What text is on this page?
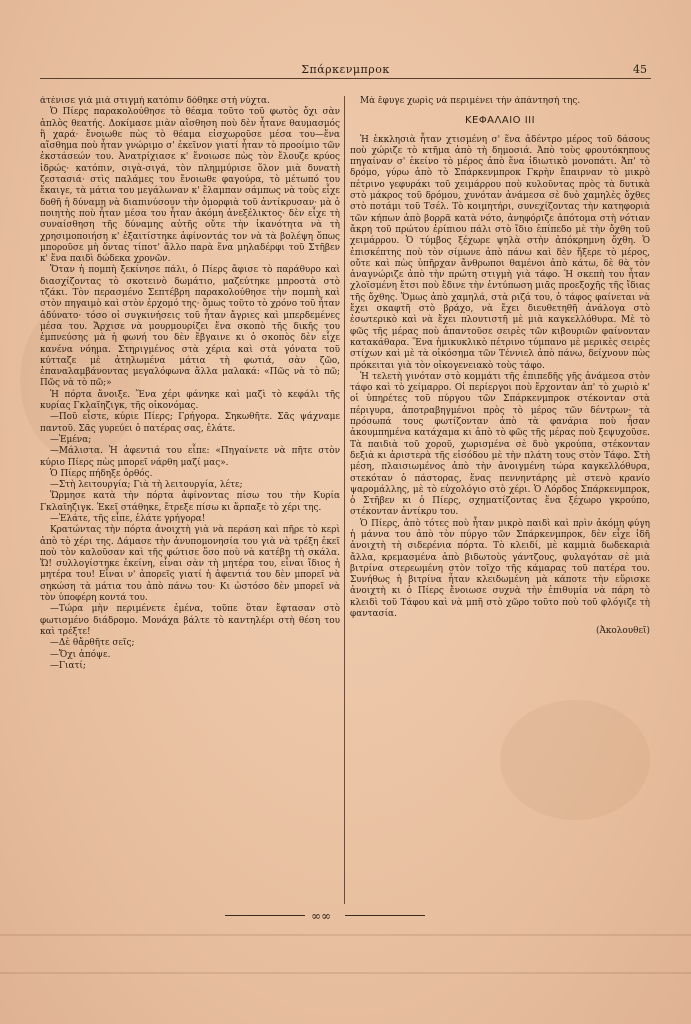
Σπάρκενμπροκ	45

ἀτένισε γιὰ μιὰ στιγμή κατόπιν δόθηκε στὴ νύχτα.

Ὁ Πίερς παρακολούθησε τὸ θέαμα τοῦτο τοῦ φωτὸς ὄχι σὰν ἁπλὸς θεατής. Δοκίμασε μιὰν αἴσθηση ποὺ δὲν ἦτανε θαυμασμός ἢ χαρά· ἔνοιωθε πὼς τὸ θέαμα εἰσχωροῦσε μέσα του—ἕνα αἴσθημα ποὺ ἦταν γνώριμο σ' ἐκεῖνον γιατί ἦταν τὸ προοίμιο τῶν ἐκστάσεών του. Ἀνατρίχιασε κ' ἔνοιωσε πὼς τὸν ἔλουζε κρύος ἱδρώς· κατόπιν, σιγὰ-σιγά, τὸν πλημμύρισε ὅλον μιὰ δυνατὴ ζεστασιά· στὶς παλάμες του ἔνοιωθε φαγούρα, τὸ μέτωπό του ἔκαιγε, τὰ μάτια του μεγάλωναν κ' ἔλαμπαν σάμπως νὰ τοὺς εἶχε δοθῆ ἡ δύναμη νὰ διαπινύσουν τὴν ὀμορφιὰ τοῦ ἀντίκρυσαν· μὰ ὁ ποιητὴς ποὺ ἦταν μέσα του ἦταν ἀκόμη ἀνεξέλικτος· δὲν εἶχε τὴ συναίσθηση τῆς δύναμης αὐτῆς οὔτε τὴν ἱκανότητα νὰ τὴ χρησιμοποιήση κ' ἐξαιτίστηκε ἀφίνοντάς τον νὰ τὰ βολέψη ὅπως μποροῦσε μὴ ὄντας τίποτ' ἄλλο παρὰ ἕνα μηλαδέρφι τοῦ Στῆβεν κ' ἕνα παιδὶ δώδεκα χρονῶν.

Ὅταν ἡ πομπὴ ξεκίνησε πάλι, ὁ Πίερς ἄφισε τὸ παράθυρο καὶ διασχίζοντας τὸ σκοτεινὸ δωμάτιο, μαζεύτηκε μπροστὰ στὸ τζάκι. Τὸν περασμένο Σεπτέβρη παρακολούθησε τὴν πομπὴ καὶ στὸν πηγαιμὸ καὶ στὸν ἐρχομό της· ὅμως τοῦτο τὸ χρόνο τοῦ ἦταν ἀδύνατο· τόσο οἱ συγκινήσεις τοῦ ἦταν ἄγριες καὶ μπερδεμένες μέσα του. Ἄρχισε νὰ μουρμουρίζει ἕνα σκοπὸ τῆς δικῆς του ἐμπνεύσης μὰ ἡ φωνή του δὲν ἔβγαινε κι ὁ σκοπὸς δὲν εἶχε κανένα νόημα. Στηριγμένος στὰ χέρια καὶ στὰ γόνατα τοῦ κύτταζε μὲ ἀτηλωμένα μάτια τὴ φωτιά, σὰν ζῶο, ἐπαναλαμβάνοντας μεγαλόφωνα ἄλλα μαλακά: «Πῶς νὰ τὸ πῶ; Πῶς νὰ τὸ πῶ;»

Ἡ πόρτα ἄνοιξε. Ἕνα χέρι φάνηκε καὶ μαζὶ τὸ κεφάλι τῆς κυρίας Γκλαῖηζιγκ, τῆς οἰκονόμας.

—Ποῦ εἶστε, κύριε Πίερς; Γρήγορα. Σηκωθῆτε. Σᾶς ψάχναμε παντοῦ. Σᾶς γυρεύει ὁ πατέρας σας, ἐλάτε.

—Ἐμένα;

—Μάλιστα. Ἡ ἀφεντιά του εἶπε: «Πηγαίνετε νὰ πῆτε στὸν κύριο Πίερς πὼς μπορεῖ νάρθη μαζί μας».

Ὁ Πίερς πήδηξε ὀρθός.

—Στὴ λειτουργία; Γιὰ τὴ λειτουργία, λέτε;

Ὥρμησε κατὰ τὴν πόρτα ἀφίνοντας πίσω του τὴν Κυρία Γκλαῖηζιγκ. Ἐκεῖ στάθηκε, ἔτρεξε πίσω κι ἅρπαξε τὸ χέρι της.

—Ἐλάτε, τῆς εἶπε, ἐλάτε γρήγορα!

Κρατώντας τὴν πόρτα ἀνοιχτὴ γιὰ νὰ περάση καὶ πῆρε τὸ κερὶ ἀπὸ τὸ χέρι της. Δάμασε τὴν ἀνυπομονησία του γιὰ νὰ τρέξη ἐκεῖ ποὺ τὸν καλοῦσαν καὶ τῆς φώτισε ὅσο ποὺ νὰ κατέβη τὴ σκάλα. Ὤ! συλλογίστηκε ἐκείνη, εἶναι σὰν τὴ μητέρα του, εἶναι ἴδιος ἡ μητέρα του! Εἶναι ν' ἀπορεῖς γιατί ἡ ἀφεντιά του δὲν μπορεῖ νὰ σηκώση τὰ μάτια του ἀπὸ πάνω του· Κι ὡστόσο δὲν μπορεῖ νὰ τὸν ὑποφέρη κοντά του.

—Τώρα μὴν περιμένετε ἐμένα, τοῦπε ὅταν ἔφτασαν στὸ φωτισμένο διάδρομο. Μονάχα βάλτε τὸ καντηλέρι στὴ θέση του καὶ τρέξτε!

—Δὲ θἄρθῆτε σεῖς;

—Ὄχι ἀπόψε.

—Γιατί;

Μὰ ἔφυγε χωρὶς νὰ περιμένει τὴν ἀπάντησή της.

ΚΕΦΑΛΑΙΟ ΙΙΙ

Ἡ ἐκκλησιὰ ἦταν χτισμένη σ' ἕνα ἀδέντρο μέρος τοῦ δάσους ποὺ χώριζε τὸ κτῆμα ἀπὸ τὴ δημοσιά. Ἀπὸ τοὺς φρουτόκηπους πηγαίναν σ' ἐκείνο τὸ μέρος ἀπὸ ἕνα ἰδιωτικὸ μονοπάτι. Ἀπ' τὸ δρόμο, γύρω ἀπὸ τὸ Σπάρκενμπροκ Γκρὴν ἔπαιρναν τὸ μικρὸ πέτρινο γεφυράκι τοῦ χειμάρρου ποὺ κυλοῦντας πρὸς τὰ δυτικὰ στὸ μάκρος τοῦ δρόμου, χυνόταν ἀνάμεσα σὲ δυὸ χαμηλὲς ὄχθες στὸ ποτάμι τοῦ Τσέλ. Τὸ κοιμητήρι, συνεχίζοντας τὴν κατηφοριὰ τῶν κήπων ἀπὸ βορρᾶ κατὰ νότο, ἀνηφόριζε ἀπότομα στὴ νότιαν ἄκρη τοῦ πρώτου ἐρίπιου πάλι στὸ ἴδιο ἐπίπεδο μὲ τὴν ὄχθη τοῦ χειμάρρου. Ὁ τύμβος ξέχωρε ψηλὰ στὴν ἀπόκρημνη ὄχθη. Ὁ ἐπισκέπτης ποὺ τὸν σίμωνε ἀπὸ πάνω καὶ δὲν ἤξερε τὸ μέρος, οὔτε καὶ πὼς ὑπῆρχαν ἄνθρωποι θαμένοι ἀπὸ κάτω, δὲ θὰ τὸν ἀναγνώριζε ἀπὸ τὴν πρώτη στιγμὴ γιὰ τάφο. Ἡ σκεπὴ του ἦταν χλοϊσμένη ἔτσι ποὺ ἔδινε τὴν ἐντύπωση μιᾶς προεξοχῆς τῆς ἴδιας τῆς ὄχθης. Ὅμως ἀπὸ χαμηλά, στὰ ριζά του, ὁ τάφος φαίνεται νὰ ἔχει σκαφτῆ στὸ βράχο, νὰ ἔχει διευθετηθῆ ἀνάλογα στὸ ἐσωτερικὸ καὶ νὰ ἔχει πλουτιστῆ μὲ μιὰ καγκελλόθυρα. Μὲ τὸ φῶς τῆς μέρας ποὺ ἁπαντοῦσε σειρὲς τῶν κιβουριῶν φαίνονταν κατακάθαρα. Ἕνα ἡμικυκλικὸ πέτρινο τύμπανο μὲ μερικὲς σειρὲς στίχων καὶ μὲ τὰ οἰκόσημα τῶν Τέννιελ ἀπὸ πάνω, δείχνουν πὼς πρόκειται γιὰ τὸν οἰκογενειακὸ τοὺς τάφο.

Ἡ τελετὴ γινόταν στὸ κομμάτι τῆς ἐπιπεδῆς γῆς ἀνάμεσα στὸν τάφο καὶ τὸ χείμαρρο. Οἱ περίεργοι ποὺ ἔρχονταν ἀπ' τὸ χωριὸ κ' οἱ ὑπηρέτες τοῦ πύργου τῶν Σπάρκενμπροκ στέκονταν στὰ πέριγυρα, ἀποτραβηγμένοι πρὸς τὸ μέρος τῶν δέντρων· τὰ πρόσωπά τους φωτίζονταν ἀπὸ τὰ φανάρια ποὺ ἦσαν ἀκουμπημένα κατάχαμα κι ἀπὸ τὸ φῶς τῆς μέρας ποὺ ξεψυχοῦσε. Τὰ παιδιὰ τοῦ χοροῦ, χωρισμένα σὲ δυὸ γκρούπα, στέκονταν δεξιὰ κι ἀριστερὰ τῆς εἰσόδου μὲ τὴν πλάτη τους στὸν Τάφο. Στὴ μέση, πλαισιωμένος ἀπὸ τὴν ἀνοιγμένη τώρα καγκελλόθυρα, στεκόταν ὁ πάστορας, ἕνας πεννηντάρης μὲ στενὸ κρανίο ψαρομάλλης, μὲ τὸ εὐχολόγιο στὸ χέρι. Ὁ Λόρδος Σπάρκενμπροκ, ὁ Στῆβεν κι ὁ Πίερς, σχηματίζοντας ἕνα ξέχωρο γκρούπο, στέκονταν ἀντίκρυ του.

Ὁ Πίερς, ἀπὸ τότες ποὺ ἦταν μικρὸ παιδὶ καὶ πρὶν ἀκόμη φύγη ἡ μάννα του ἀπὸ τὸν πύργο τῶν Σπάρκενμπροκ, δὲν εἶχε ἰδῆ ἀνοιχτὴ τὴ σιδερένια πόρτα. Τὸ κλειδί, μὲ καμμιὰ δωδεκαριὰ ἄλλα, κρεμασμένα ἀπὸ βιδωτοὺς γάντζους, φυλαγόταν σὲ μιὰ βιτρίνα στερεωμένη στὸν τοῖχο τῆς κάμαρας τοῦ πατέρα του. Συνήθως ἡ βιτρίνα ἦταν κλειδωμένη μὰ κάποτε τὴν εὕρισκε ἀνοιχτὴ κι ὁ Πίερς ἔνοιωσε συχνὰ τὴν ἐπιθυμία νὰ πάρη τὸ κλειδὶ τοῦ Τάφου καὶ νὰ μπῆ στὸ χῶρο τοῦτο ποὺ τοῦ φλόγιζε τὴ φαντασία.

(Ἀκολουθεῖ)
∞∞
